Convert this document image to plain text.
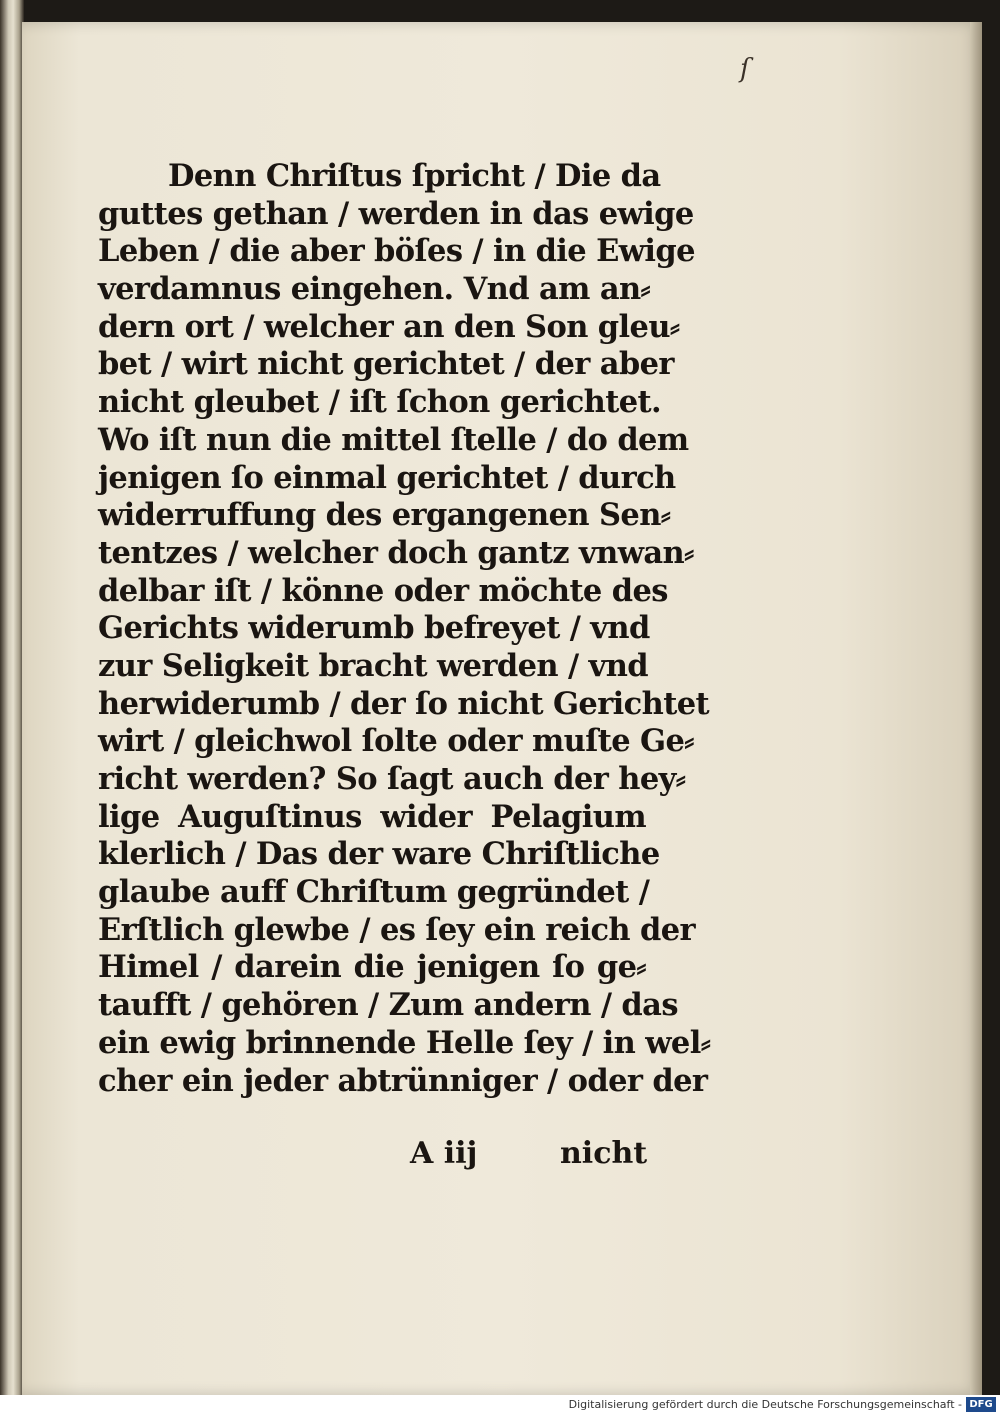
ſ
Denn Chriſtus ſpricht / Die da
guttes gethan / werden in das ewige
Leben / die aber böſes / in die Ewige
verdamnus eingehen. Vnd am an⸗
dern ort / welcher an den Son gleu⸗
bet / wirt nicht gerichtet / der aber
nicht gleubet / iſt ſchon gerichtet.
Wo iſt nun die mittel ſtelle / do dem
jenigen ſo einmal gerichtet / durch
widerruffung des ergangenen Sen⸗
tentzes / welcher doch gantz vnwan⸗
delbar iſt / könne oder möchte des
Gerichts widerumb befreyet / vnd
zur Seligkeit bracht werden / vnd
herwiderumb / der ſo nicht Gerichtet
wirt / gleichwol ſolte oder muſte Ge⸗
richt werden? So ſagt auch der hey⸗
lige Auguſtinus wider Pelagium
klerlich / Das der ware Chriſtliche
glaube auff Chriſtum gegründet /
Erſtlich glewbe / es ſey ein reich der
Himel / darein die jenigen ſo ge⸗
taufft / gehören / Zum andern / das
ein ewig brinnende Helle ſey / in wel⸗
cher ein jeder abtrünniger / oder der
A iij	nicht
Digitalisierung gefördert durch die Deutsche Forschungsgemeinschaft - DFG
